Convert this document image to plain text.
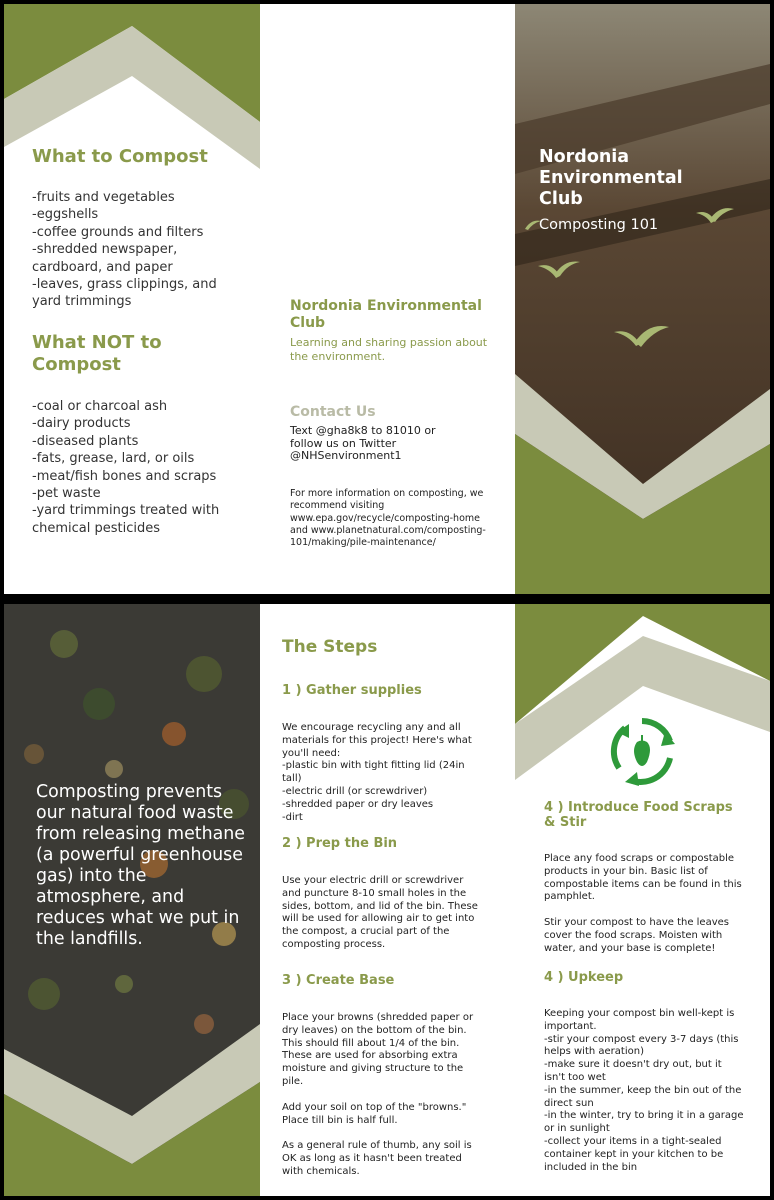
What to Compost
-fruits and vegetables
-eggshells
-coffee grounds and filters
-shredded newspaper, cardboard, and paper
-leaves, grass clippings, and yard trimmings
What NOT to Compost
-coal or charcoal ash
-dairy products
-diseased plants
-fats, grease, lard, or oils
-meat/fish bones and scraps
-pet waste
-yard trimmings treated with chemical pesticides
Nordonia Environmental Club
Learning and sharing passion about the environment.
Contact Us
Text @gha8k8 to 81010 or follow us on Twitter @NHSenvironment1
For more information on composting, we recommend visiting www.epa.gov/recycle/composting-home and www.planetnatural.com/composting-101/making/pile-maintenance/
Nordonia Environmental Club
Composting 101
Composting prevents our natural food waste from releasing methane (a powerful greenhouse gas) into the atmosphere, and reduces what we put in the landfills.
The Steps
1 ) Gather supplies
We encourage recycling any and all materials for this project! Here's what you'll need:
-plastic bin with tight fitting lid (24in tall)
-electric drill (or screwdriver)
-shredded paper or dry leaves
-dirt
2 ) Prep the Bin
Use your electric drill or screwdriver and puncture 8-10 small holes in the sides, bottom, and lid of the bin. These will be used for allowing air to get into the compost, a crucial part of the composting process.
3 ) Create Base
Place your browns (shredded paper or dry leaves) on the bottom of the bin. This should fill about 1/4 of the bin. These are used for absorbing extra moisture and giving structure to the pile.
Add your soil on top of the "browns." Place till bin is half full.
As a general rule of thumb, any soil is OK as long as it hasn't been treated with chemicals.
4 ) Introduce Food Scraps & Stir
Place any food scraps or compostable products in your bin. Basic list of compostable items can be found in this pamphlet.
Stir your compost to have the leaves cover the food scraps. Moisten with water, and your base is complete!
4 ) Upkeep
Keeping your compost bin well-kept is important.
-stir your compost every 3-7 days (this helps with aeration)
-make sure it doesn't dry out, but it isn't too wet
-in the summer, keep the bin out of the direct sun
-in the winter, try to bring it in a garage or in sunlight
-collect your items in a tight-sealed container kept in your kitchen to be included in the bin
